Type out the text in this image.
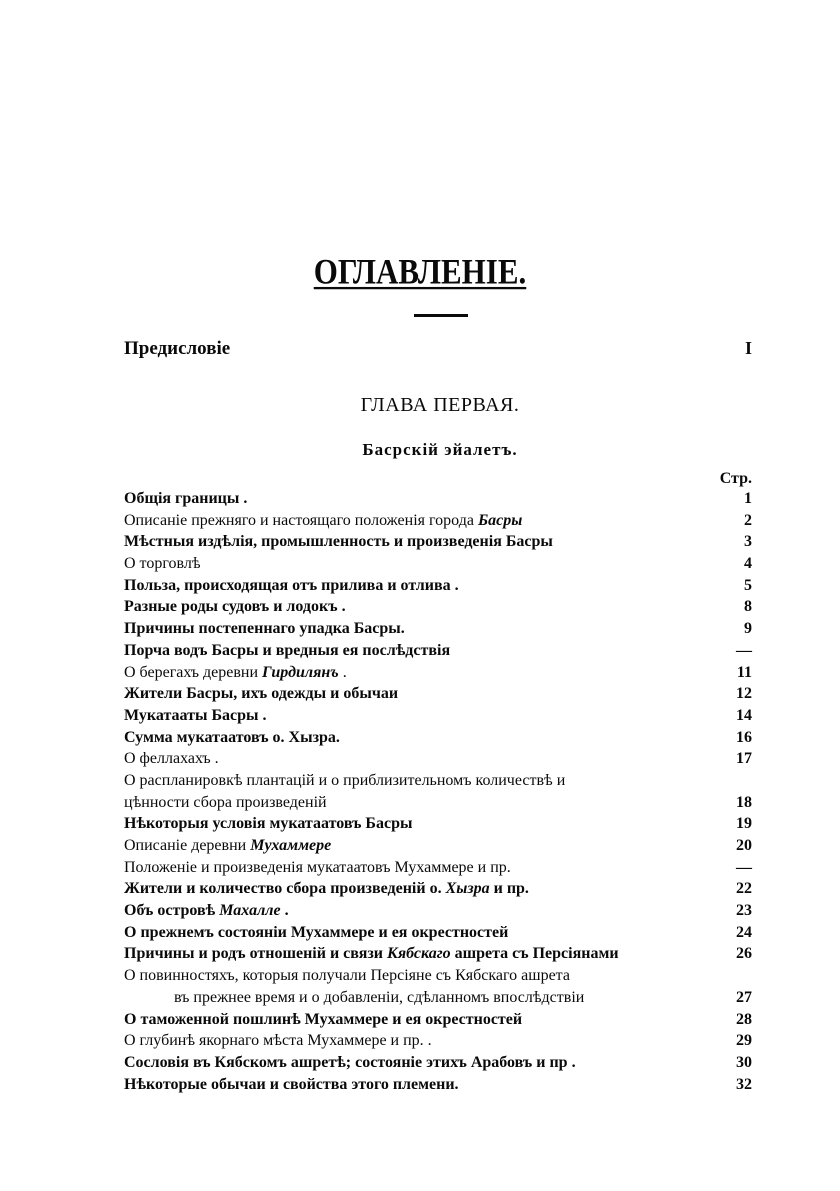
ОГЛАВЛЕНІЕ.
Предисловіе	I
ГЛАВА ПЕРВАЯ.
Басрскій эйалетъ.
Стр.
Общія границы .	1
Описаніе прежняго и настоящаго положенія города Басры	2
Мѣстныя издѣлія, промышленность и произведенія Басры	3
О торговлѣ	4
Польза, происходящая отъ прилива и отлива .	5
Разные роды судовъ и лодокъ .	8
Причины постепеннаго упадка Басры.	9
Порча водъ Басры и вредныя ея послѣдствія	—
О берегахъ деревни Гирдилянъ .	11
Жители Басры, ихъ одежды и обычаи	12
Мукатааты Басры .	14
Сумма мукатаатовъ о. Хызра.	16
О феллахахъ .	17
О распланировкѣ плантацій и о приблизительномъ количествѣ и
цѣнности сбора произведеній	18
Нѣкоторыя условія мукатаатовъ Басры	19
Описаніе деревни Мухаммере	20
Положеніе и произведенія мукатаатовъ Мухаммере и пр.	—
Жители и количество сбора произведеній о. Хызра и пр.	22
Объ островѣ Махалле .	23
О прежнемъ состояніи Мухаммере и ея окрестностей	24
Причины и родъ отношеній и связи Кябскаго ашрета съ Персіянами	26
О повинностяхъ, которыя получали Персіяне съ Кябскаго ашрета
въ прежнее время и о добавленіи, сдѣланномъ впослѣдствіи	27
О таможенной пошлинѣ Мухаммере и ея окрестностей	28
О глубинѣ якорнаго мѣста Мухаммере и пр. .	29
Сословія въ Кябскомъ ашретѣ; состояніе этихъ Арабовъ и пр .	30
Нѣкоторые обычаи и свойства этого племени.	32
